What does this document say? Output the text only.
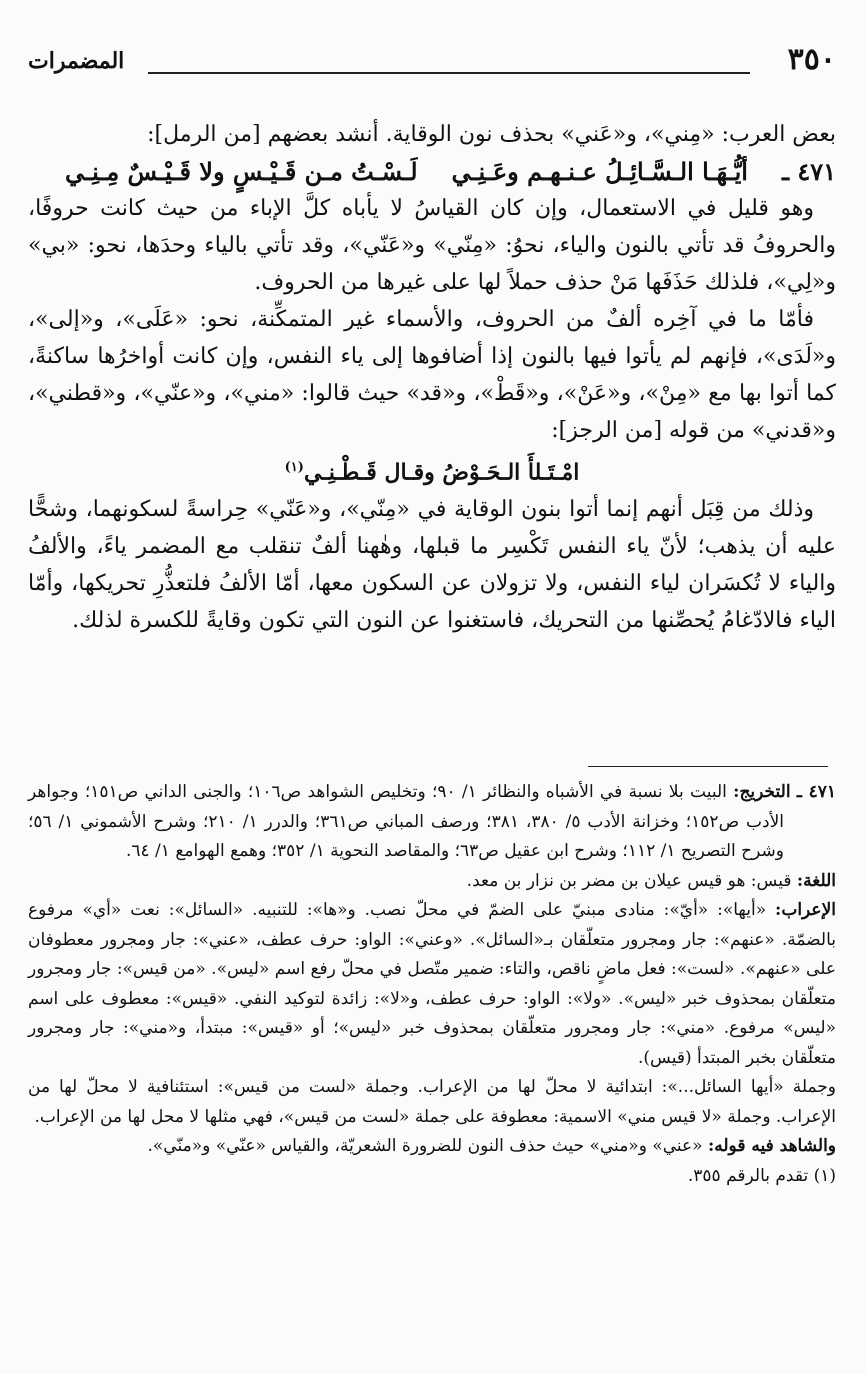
٣٥٠
المضمرات

بعض العرب: «مِني»، و«عَني» بحذف نون الوقاية. أنشد بعضهم [من الرمل]:

٤٧١ ـ
أيُّـهَـا الـسَّـائِـلُ عـنـهـم وعَـنِـي
لَـسْـتُ مـن قَـيْـسٍ ولا قَـيْـسٌ مِـنِـي

وهو قليل في الاستعمال، وإن كان القياسُ لا يأباه كلَّ الإباء من حيث كانت حروفًا، والحروفُ قد تأتي بالنون والياء، نحوُ: «مِنّي» و«عَنّي»، وقد تأتي بالياء وحدَها، نحو: «بي» و«لِي»، فلذلك حَذَفَها مَنْ حذف حملاً لها على غيرها من الحروف.

فأمّا ما في آخِره ألفٌ من الحروف، والأسماء غير المتمكِّنة، نحو: «عَلَى»، و«إلى»، و«لَدَى»، فإنهم لم يأتوا فيها بالنون إذا أضافوها إلى ياء النفس، وإن كانت أواخرُها ساكنةً، كما أتوا بها مع «مِنْ»، و«عَنْ»، و«قَطْ»، و«قد» حيث قالوا: «مني»، و«عنّي»، و«قطني»، و«قدني» من قوله [من الرجز]:

امْـتَـلأَ الـحَـوْضُ وقـال قَـطْـنِـي$^{(١)}$

وذلك من قِبَل أنهم إنما أتوا بنون الوقاية في «مِنّي»، و«عَنّي» حِراسةً لسكونهما، وشحًّا عليه أن يذهب؛ لأنّ ياء النفس تَكْسِر ما قبلها، وهٰهنا ألفٌ تنقلب مع المضمر ياءً، والألفُ والياء لا تُكسَران لياء النفس، ولا تزولان عن السكون معها، أمّا الألفُ فلتعذُّرِ تحريكها، وأمّا الياء فالادّغامُ يُحصِّنها من التحريك، فاستغنوا عن النون التي تكون وقايةً للكسرة لذلك.

٤٧١ ـ التخريج: البيت بلا نسبة في الأشباه والنظائر ١/ ٩٠؛ وتخليص الشواهد ص١٠٦؛ والجنى الداني ص١٥١؛ وجواهر الأدب ص١٥٢؛ وخزانة الأدب ٥/ ٣٨٠، ٣٨١؛ ورصف المباني ص٣٦١؛ والدرر ١/ ٢١٠؛ وشرح الأشموني ١/ ٥٦؛ وشرح التصريح ١/ ١١٢؛ وشرح ابن عقيل ص٦٣؛ والمقاصد النحوية ١/ ٣٥٢؛ وهمع الهوامع ١/ ٦٤.

اللغة: قيس: هو قيس عيلان بن مضر بن نزار بن معد.

الإعراب: «أيها»: «أيّ»: منادى مبنيّ على الضمّ في محلّ نصب. و«ها»: للتنبيه. «السائل»: نعت «أي» مرفوع بالضمّة. «عنهم»: جار ومجرور متعلّقان بـ«السائل». «وعني»: الواو: حرف عطف، «عني»: جار ومجرور معطوفان على «عنهم». «لست»: فعل ماضٍ ناقص، والتاء: ضمير متّصل في محلّ رفع اسم «ليس». «من قيس»: جار ومجرور متعلّقان بمحذوف خبر «ليس». «ولا»: الواو: حرف عطف، و«لا»: زائدة لتوكيد النفي. «قيس»: معطوف على اسم «ليس» مرفوع. «مني»: جار ومجرور متعلّقان بمحذوف خبر «ليس»؛ أو «قيس»: مبتدأ، و«مني»: جار ومجرور متعلّقان بخبر المبتدأ (قيس).

وجملة «أيها السائل...»: ابتدائية لا محلّ لها من الإعراب. وجملة «لست من قيس»: استئنافية لا محلّ لها من الإعراب. وجملة «لا قيس مني» الاسمية: معطوفة على جملة «لست من قيس»، فهي مثلها لا محل لها من الإعراب.

والشاهد فيه قوله: «عني» و«مني» حيث حذف النون للضرورة الشعريّة، والقياس «عنّي» و«منّي».

(١) تقدم بالرقم ٣٥٥.
